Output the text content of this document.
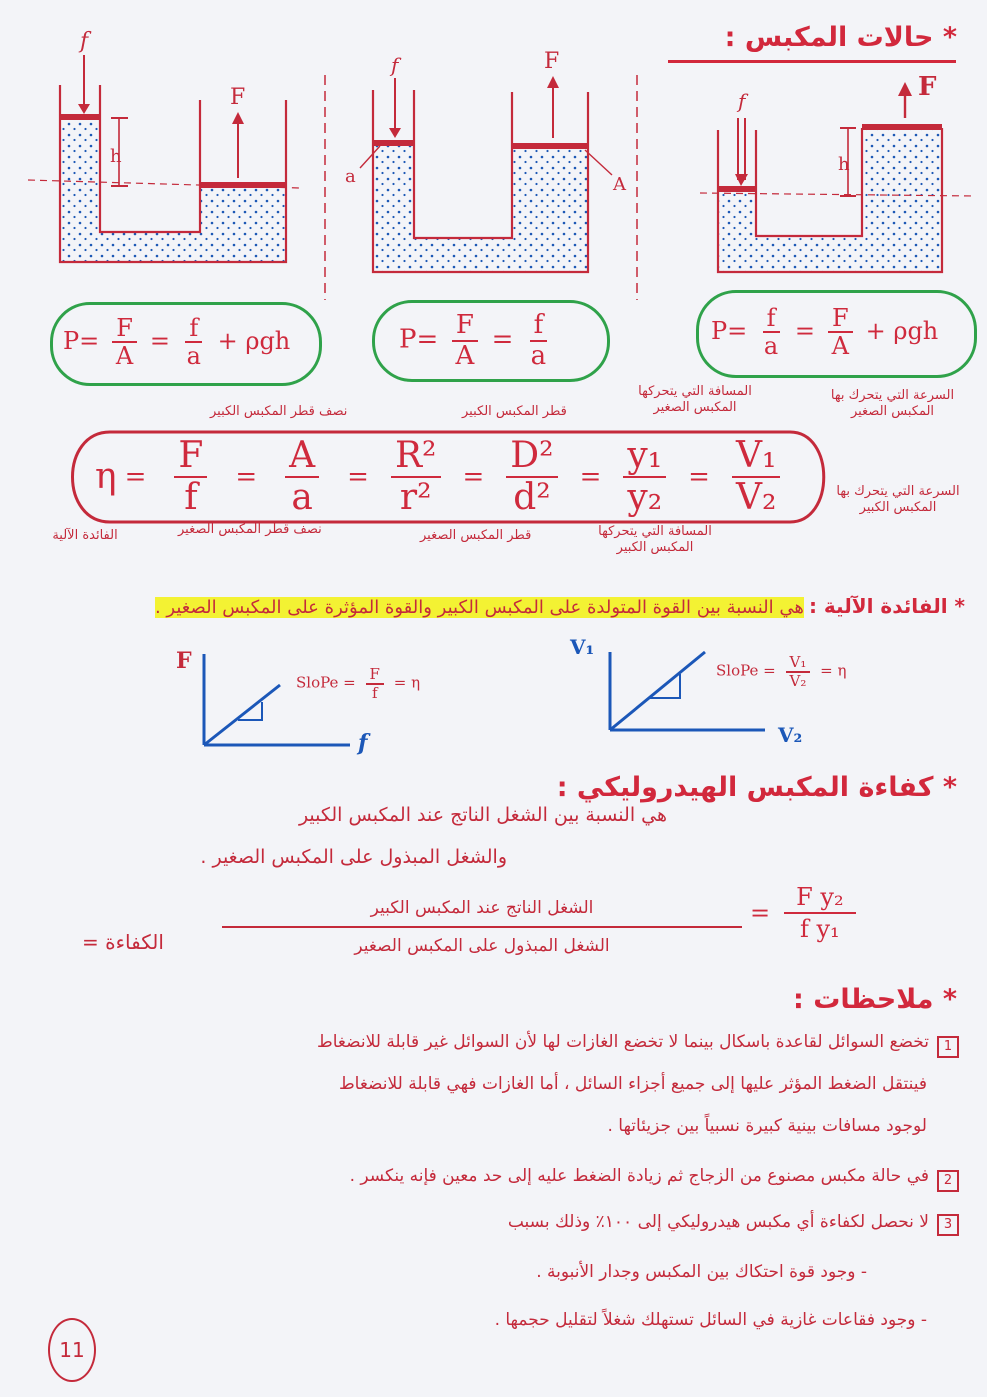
* حالات المكبس :
f
F
h
f	F
a	A
f	F
h
$P= \frac{F}{A} = \frac{f}{a} + \rho gh$	$P= \frac{F}{A} = \frac{f}{a}$	$P= \frac{f}{a} = \frac{F}{A} + \rho gh$
نصف قطر المكبس الكبير	قطر المكبس الكبير
المسافة التي يتحركها المكبس الصغير
السرعة التي يتحرك بها المكبس الصغير
$\eta = \frac{F}{f} = \frac{A}{a} = \frac{\text{R²}}{\text{r²}} = \frac{\text{D²}}{\text{d²}} = \frac{\text{y₁}}{\text{y₂}} = \frac{\text{V₁}}{\text{V₂}}$
الفائدة الآلية	نصف قطر المكبس الصغير	قطر المكبس الصغير	المسافة التي يتحركها المكبس الكبير
السرعة التي يتحرك بها المكبس الكبير
* الفائدة الآلية : هي النسبة بين القوة المتولدة على المكبس الكبير والقوة المؤثرة على المكبس الصغير .
F
f
V₁
V₂
SloPe = $\frac{F}{f} = \eta$
SloPe = $\frac{\text{V₁}}{\text{V₂}} = \eta$
* كفاءة المكبس الهيدروليكي :
هي النسبة بين الشغل الناتج عند المكبس الكبير
والشغل المبذول على المكبس الصغير .
الكفاءة =
الشغل الناتج عند المكبس الكبير
الشغل المبذول على المكبس الصغير
= $\frac{\text{F y₂}}{\text{f y₁}}$
* ملاحظات :
1
تخضع السوائل لقاعدة باسكال بينما لا تخضع الغازات لها لأن السوائل غير قابلة للانضغاط
فينتقل الضغط المؤثر عليها إلى جميع أجزاء السائل ، أما الغازات فهي قابلة للانضغاط
لوجود مسافات بينية كبيرة نسبياً بين جزيئاتها .
2
في حالة مكبس مصنوع من الزجاج ثم زيادة الضغط عليه إلى حد معين فإنه ينكسر .
3
لا نحصل لكفاءة أي مكبس هيدروليكي إلى ١٠٠٪ وذلك بسبب
- وجود قوة احتكاك بين المكبس وجدار الأنبوبة .
- وجود فقاعات غازية في السائل تستهلك شغلاً لتقليل حجمها .
11
